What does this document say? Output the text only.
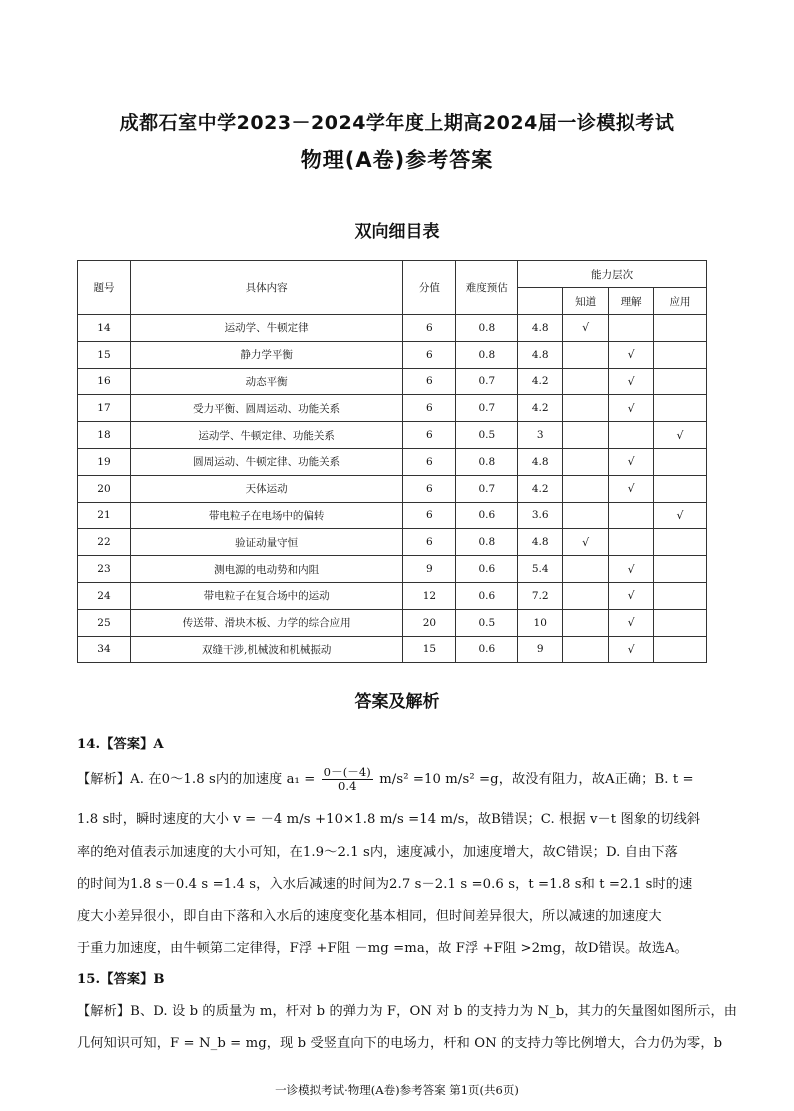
成都石室中学2023－2024学年度上期高2024届一诊模拟考试
物理(A卷)参考答案
双向细目表
题号	具体内容	分值	难度预估	能力层次			
					知道	理解	应用
14	运动学、牛顿定律	6	0.8	4.8	√		
15	静力学平衡	6	0.8	4.8		√	
16	动态平衡	6	0.7	4.2		√	
17	受力平衡、圆周运动、功能关系	6	0.7	4.2		√	
18	运动学、牛顿定律、功能关系	6	0.5	3			√
19	圆周运动、牛顿定律、功能关系	6	0.8	4.8		√	
20	天体运动	6	0.7	4.2		√	
21	带电粒子在电场中的偏转	6	0.6	3.6			√
22	验证动量守恒	6	0.8	4.8	√		
23	测电源的电动势和内阻	9	0.6	5.4		√	
24	带电粒子在复合场中的运动	12	0.6	7.2		√	
25	传送带、滑块木板、力学的综合应用	20	0.5	10		√	
34	双缝干涉,机械波和机械振动	15	0.6	9		√	
答案及解析
14.【答案】A
【解析】A. 在0～1.8 s内的加速度 $a_1 = \frac{0-(-4)}{0.4} m/s^2 =10$ m/s² =g，故没有阻力，故A正确；B. t =
1.8 s时，瞬时速度的大小 v = －4 m/s +10×1.8 m/s =14 m/s，故B错误；C. 根据 v－t 图象的切线斜
率的绝对值表示加速度的大小可知，在1.9～2.1 s内，速度减小，加速度增大，故C错误；D. 自由下落
的时间为1.8 s－0.4 s =1.4 s，入水后减速的时间为2.7 s－2.1 s =0.6 s，t =1.8 s和 t =2.1 s时的速
度大小差异很小，即自由下落和入水后的速度变化基本相同，但时间差异很大，所以减速的加速度大
于重力加速度，由牛顿第二定律得，F浮 +F阻 －mg =ma，故 F浮 +F阻 >2mg，故D错误。故选A。
15.【答案】B
【解析】B、D. 设 b 的质量为 m，杆对 b 的弹力为 F，ON 对 b 的支持力为 N_b，其力的矢量图如图所示，由
几何知识可知，F = N_b = mg，现 b 受竖直向下的电场力，杆和 ON 的支持力等比例增大，合力仍为零，b
一诊模拟考试·物理(A卷)参考答案 第1页(共6页)
